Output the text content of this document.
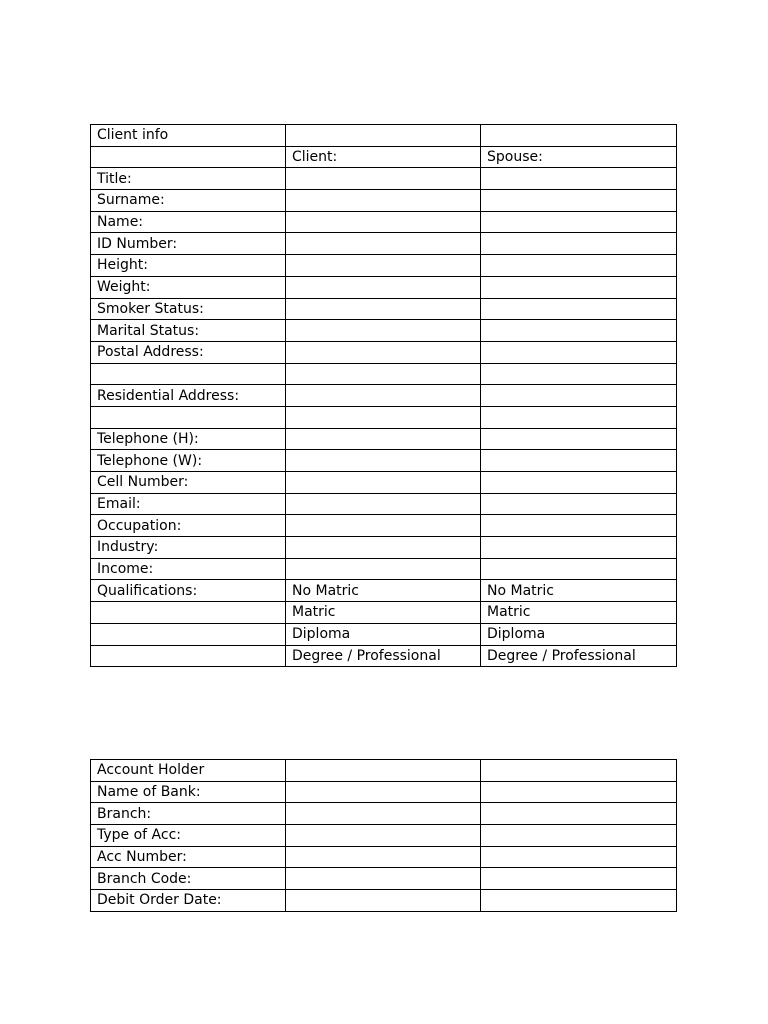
Client info		
	Client:	Spouse:
Title:		
Surname:		
Name:		
ID Number:		
Height:		
Weight:		
Smoker Status:		
Marital Status:		
Postal Address:		

Residential Address:		

Telephone (H):		
Telephone (W):		
Cell Number:		
Email:		
Occupation:		
Industry:		
Income:		
Qualifications:	No Matric	No Matric
	Matric	Matric
	Diploma	Diploma
	Degree / Professional	Degree / Professional
Account Holder		
Name of Bank:		
Branch:		
Type of Acc:		
Acc Number:		
Branch Code:		
Debit Order Date:		
